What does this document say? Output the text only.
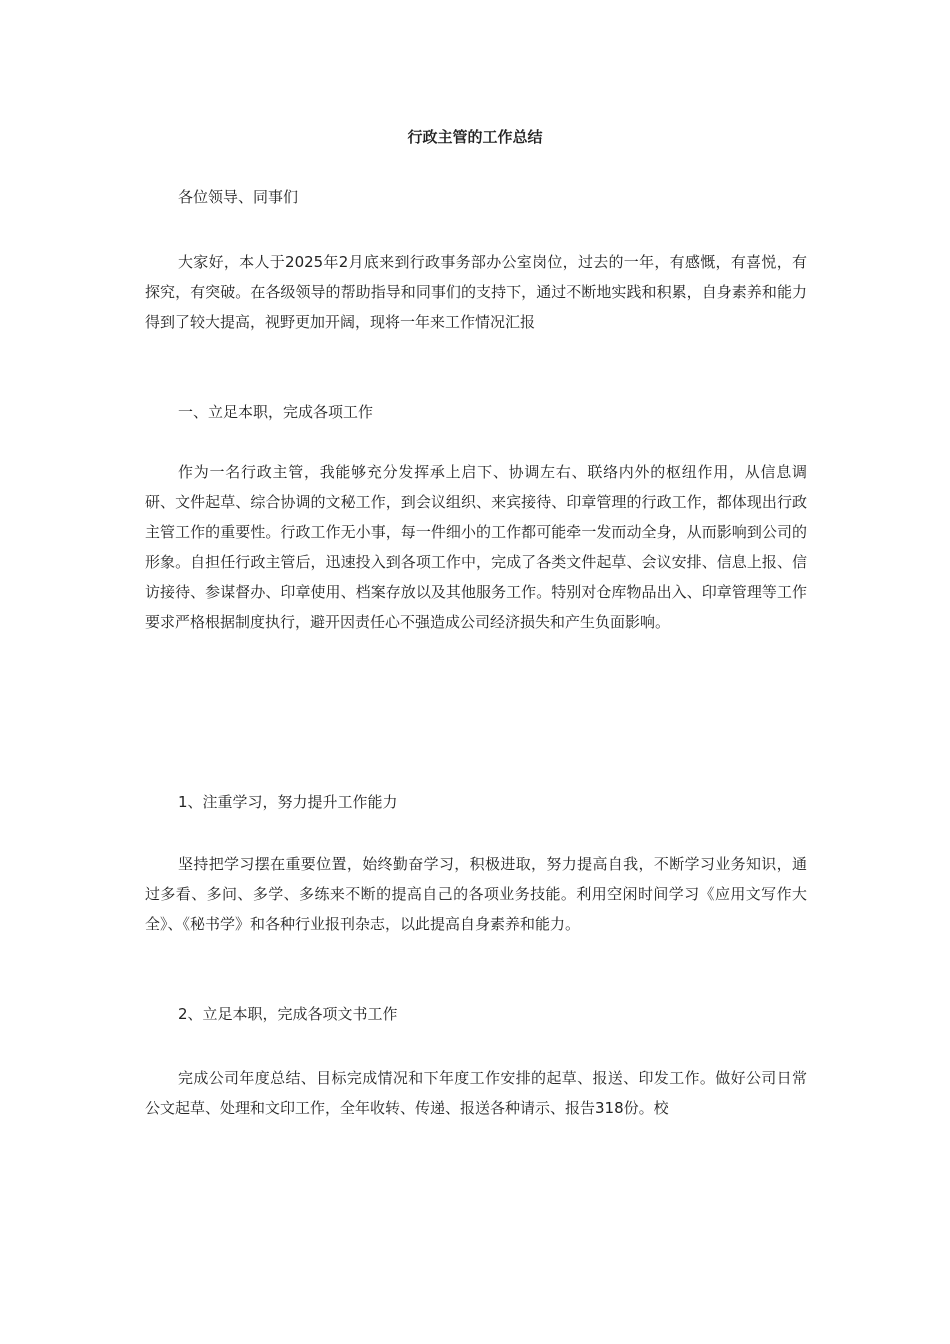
行政主管的工作总结

各位领导、同事们

大家好，本人于2025年2月底来到行政事务部办公室岗位，过去的一年，有感慨，有喜悦，有探究，有突破。在各级领导的帮助指导和同事们的支持下，通过不断地实践和积累，自身素养和能力得到了较大提高，视野更加开阔，现将一年来工作情况汇报

一、立足本职，完成各项工作

作为一名行政主管，我能够充分发挥承上启下、协调左右、联络内外的枢纽作用，从信息调研、文件起草、综合协调的文秘工作，到会议组织、来宾接待、印章管理的行政工作，都体现出行政主管工作的重要性。行政工作无小事，每一件细小的工作都可能牵一发而动全身，从而影响到公司的形象。自担任行政主管后，迅速投入到各项工作中，完成了各类文件起草、会议安排、信息上报、信访接待、参谋督办、印章使用、档案存放以及其他服务工作。特别对仓库物品出入、印章管理等工作要求严格根据制度执行，避开因责任心不强造成公司经济损失和产生负面影响。

1、注重学习，努力提升工作能力

坚持把学习摆在重要位置，始终勤奋学习，积极进取，努力提高自我，不断学习业务知识，通过多看、多问、多学、多练来不断的提高自己的各项业务技能。利用空闲时间学习《应用文写作大全》、《秘书学》和各种行业报刊杂志，以此提高自身素养和能力。

2、立足本职，完成各项文书工作

完成公司年度总结、目标完成情况和下年度工作安排的起草、报送、印发工作。做好公司日常公文起草、处理和文印工作，全年收转、传递、报送各种请示、报告318份。校
